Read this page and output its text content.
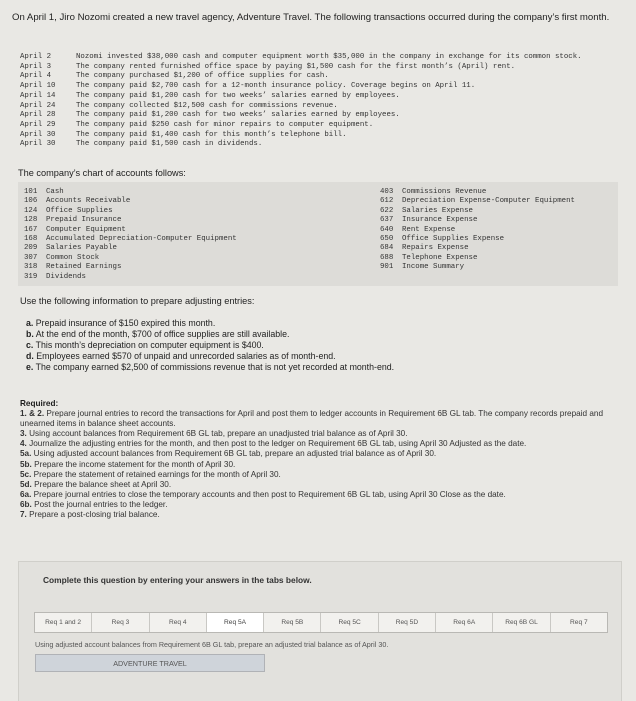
On April 1, Jiro Nozomi created a new travel agency, Adventure Travel. The following transactions occurred during the company’s first month.
April 2	Nozomi invested $38,000 cash and computer equipment worth $35,000 in the company in exchange for its common stock.
April 3	The company rented furnished office space by paying $1,500 cash for the first month’s (April) rent.
April 4	The company purchased $1,200 of office supplies for cash.
April 10	The company paid $2,700 cash for a 12-month insurance policy. Coverage begins on April 11.
April 14	The company paid $1,200 cash for two weeks’ salaries earned by employees.
April 24	The company collected $12,500 cash for commissions revenue.
April 28	The company paid $1,200 cash for two weeks’ salaries earned by employees.
April 29	The company paid $250 cash for minor repairs to computer equipment.
April 30	The company paid $1,400 cash for this month’s telephone bill.
April 30	The company paid $1,500 cash in dividends.
The company’s chart of accounts follows:
101 Cash
106 Accounts Receivable
124 Office Supplies
128 Prepaid Insurance
167 Computer Equipment
168 Accumulated Depreciation-Computer Equipment
209 Salaries Payable
307 Common Stock
318 Retained Earnings
319 Dividends
403 Commissions Revenue
612 Depreciation Expense-Computer Equipment
622 Salaries Expense
637 Insurance Expense
640 Rent Expense
650 Office Supplies Expense
684 Repairs Expense
688 Telephone Expense
901 Income Summary
Use the following information to prepare adjusting entries:
a. Prepaid insurance of $150 expired this month.
b. At the end of the month, $700 of office supplies are still available.
c. This month’s depreciation on computer equipment is $400.
d. Employees earned $570 of unpaid and unrecorded salaries as of month-end.
e. The company earned $2,500 of commissions revenue that is not yet recorded at month-end.
Required:
1. & 2. Prepare journal entries to record the transactions for April and post them to ledger accounts in Requirement 6B GL tab. The company records prepaid and unearned items in balance sheet accounts.
3. Using account balances from Requirement 6B GL tab, prepare an unadjusted trial balance as of April 30.
4. Journalize the adjusting entries for the month, and then post to the ledger on Requirement 6B GL tab, using April 30 Adjusted as the date.
5a. Using adjusted account balances from Requirement 6B GL tab, prepare an adjusted trial balance as of April 30.
5b. Prepare the income statement for the month of April 30.
5c. Prepare the statement of retained earnings for the month of April 30.
5d. Prepare the balance sheet at April 30.
6a. Prepare journal entries to close the temporary accounts and then post to Requirement 6B GL tab, using April 30 Close as the date.
6b. Post the journal entries to the ledger.
7. Prepare a post-closing trial balance.
Complete this question by entering your answers in the tabs below.
Req 1 and 2	Req 3	Req 4	Req 5A	Req 5B	Req 5C	Req 5D	Req 6A	Req 6B GL	Req 7
Using adjusted account balances from Requirement 6B GL tab, prepare an adjusted trial balance as of April 30.
ADVENTURE TRAVEL
